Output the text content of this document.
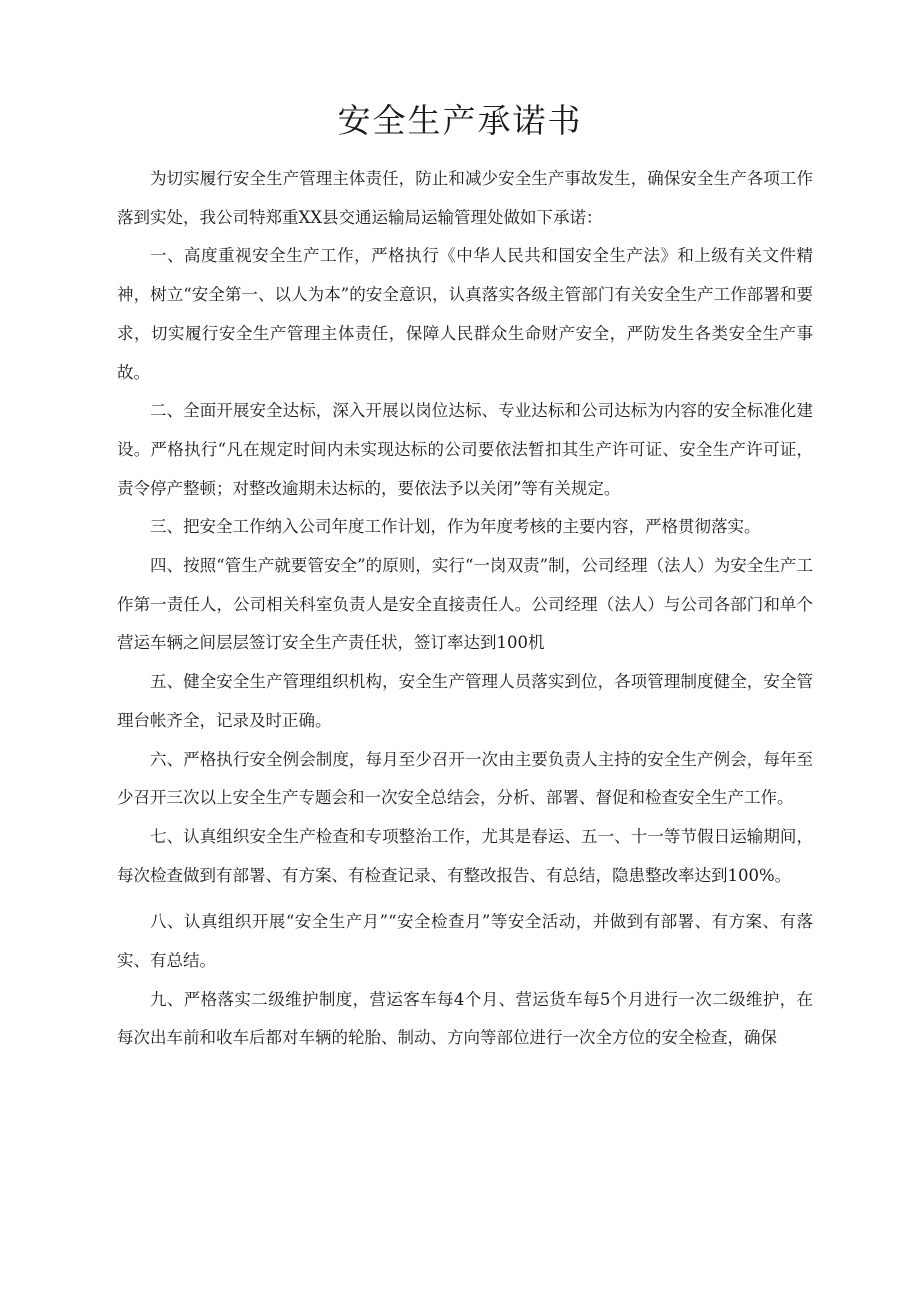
安全生产承诺书

为切实履行安全生产管理主体责任，防止和减少安全生产事故发生，确保安全生产各项工作落到实处，我公司特郑重XX县交通运输局运输管理处做如下承诺：

一、高度重视安全生产工作，严格执行《中华人民共和国安全生产法》和上级有关文件精神，树立“安全第一、以人为本”的安全意识，认真落实各级主管部门有关安全生产工作部署和要求，切实履行安全生产管理主体责任，保障人民群众生命财产安全，严防发生各类安全生产事故。

二、全面开展安全达标，深入开展以岗位达标、专业达标和公司达标为内容的安全标准化建设。严格执行“凡在规定时间内未实现达标的公司要依法暂扣其生产许可证、安全生产许可证，责令停产整顿；对整改逾期未达标的，要依法予以关闭”等有关规定。

三、把安全工作纳入公司年度工作计划，作为年度考核的主要内容，严格贯彻落实。

四、按照“管生产就要管安全”的原则，实行“一岗双责”制，公司经理（法人）为安全生产工作第一责任人，公司相关科室负责人是安全直接责任人。公司经理（法人）与公司各部门和单个营运车辆之间层层签订安全生产责任状，签订率达到100机

五、健全安全生产管理组织机构，安全生产管理人员落实到位，各项管理制度健全，安全管理台帐齐全，记录及时正确。

六、严格执行安全例会制度，每月至少召开一次由主要负责人主持的安全生产例会，每年至少召开三次以上安全生产专题会和一次安全总结会，分析、部署、督促和检查安全生产工作。

七、认真组织安全生产检查和专项整治工作，尤其是春运、五一、十一等节假日运输期间，每次检查做到有部署、有方案、有检查记录、有整改报告、有总结，隐患整改率达到100%。

八、认真组织开展“安全生产月”“安全检查月”等安全活动，并做到有部署、有方案、有落实、有总结。

九、严格落实二级维护制度，营运客车每4个月、营运货车每5个月进行一次二级维护，在每次出车前和收车后都对车辆的轮胎、制动、方向等部位进行一次全方位的安全检查，确保
